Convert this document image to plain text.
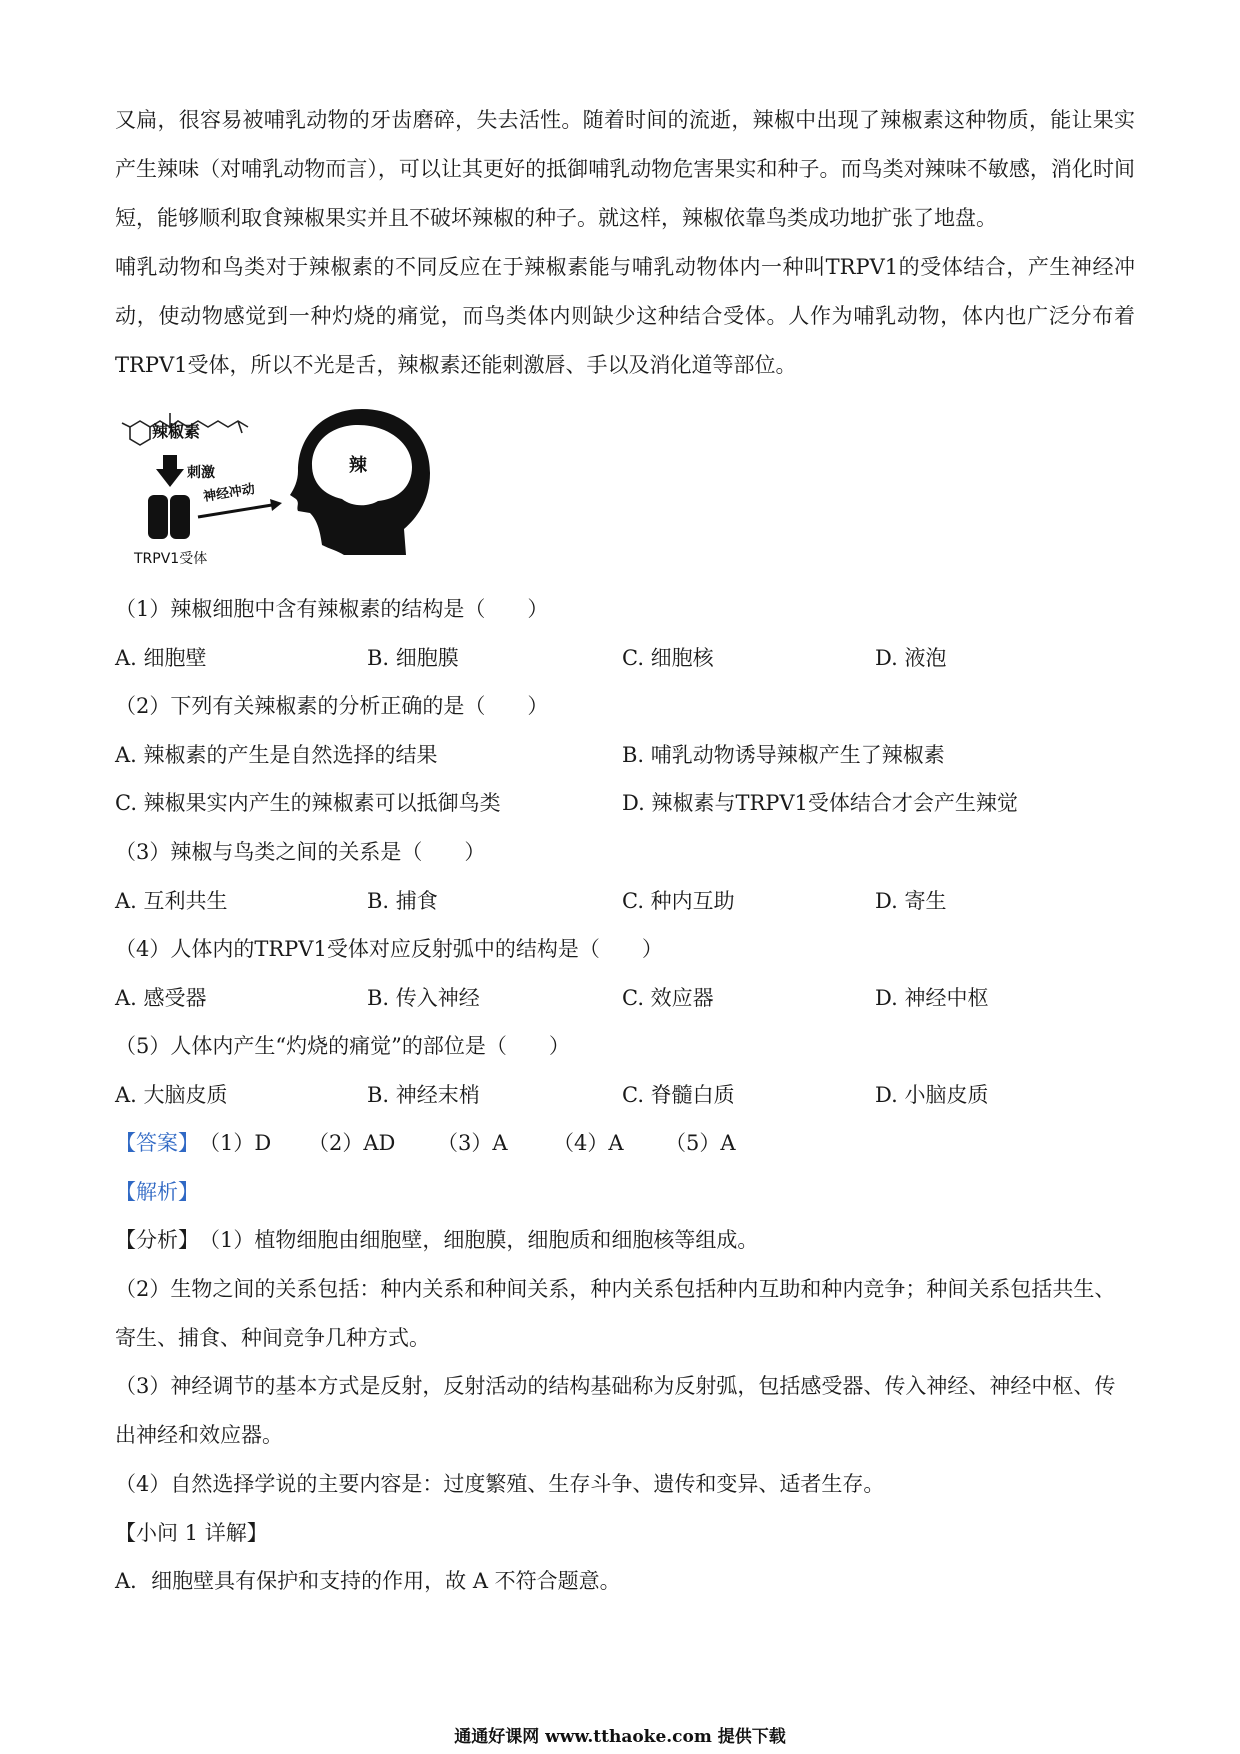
又扁，很容易被哺乳动物的牙齿磨碎，失去活性。随着时间的流逝，辣椒中出现了辣椒素这种物质，能让果实产生辣味（对哺乳动物而言），可以让其更好的抵御哺乳动物危害果实和种子。而鸟类对辣味不敏感，消化时间短，能够顺利取食辣椒果实并且不破坏辣椒的种子。就这样，辣椒依靠鸟类成功地扩张了地盘。

哺乳动物和鸟类对于辣椒素的不同反应在于辣椒素能与哺乳动物体内一种叫TRPV1的受体结合，产生神经冲动，使动物感觉到一种灼烧的痛觉，而鸟类体内则缺少这种结合受体。人作为哺乳动物，体内也广泛分布着TRPV1受体，所以不光是舌，辣椒素还能刺激唇、手以及消化道等部位。

辣椒素
刺激
TRPV1受体
神经冲动
辣

（1）辣椒细胞中含有辣椒素的结构是（　　）

A. 细胞壁	B. 细胞膜	C. 细胞核	D. 液泡

（2）下列有关辣椒素的分析正确的是（　　）

A. 辣椒素的产生是自然选择的结果	B. 哺乳动物诱导辣椒产生了辣椒素
C. 辣椒果实内产生的辣椒素可以抵御鸟类	D. 辣椒素与TRPV1受体结合才会产生辣觉

（3）辣椒与鸟类之间的关系是（　　）

A. 互利共生	B. 捕食	C. 种内互助	D. 寄生

（4）人体内的TRPV1受体对应反射弧中的结构是（　　）

A. 感受器	B. 传入神经	C. 效应器	D. 神经中枢

（5）人体内产生“灼烧的痛觉”的部位是（　　）

A. 大脑皮质	B. 神经末梢	C. 脊髓白质	D. 小脑皮质
【答案】 （1）D （2）AD （3）A （4）A （5）A

【解析】

【分析】 （1）植物细胞由细胞壁，细胞膜，细胞质和细胞核等组成。

（2）生物之间的关系包括：种内关系和种间关系，种内关系包括种内互助和种内竞争；种间关系包括共生、寄生、捕食、种间竞争几种方式。

（3）神经调节的基本方式是反射，反射活动的结构基础称为反射弧，包括感受器、传入神经、神经中枢、传出神经和效应器。

（4）自然选择学说的主要内容是：过度繁殖、生存斗争、遗传和变异、适者生存。

【小问 1 详解】

A．细胞壁具有保护和支持的作用，故 A 不符合题意。

通通好课网 www.tthaoke.com 提供下载
